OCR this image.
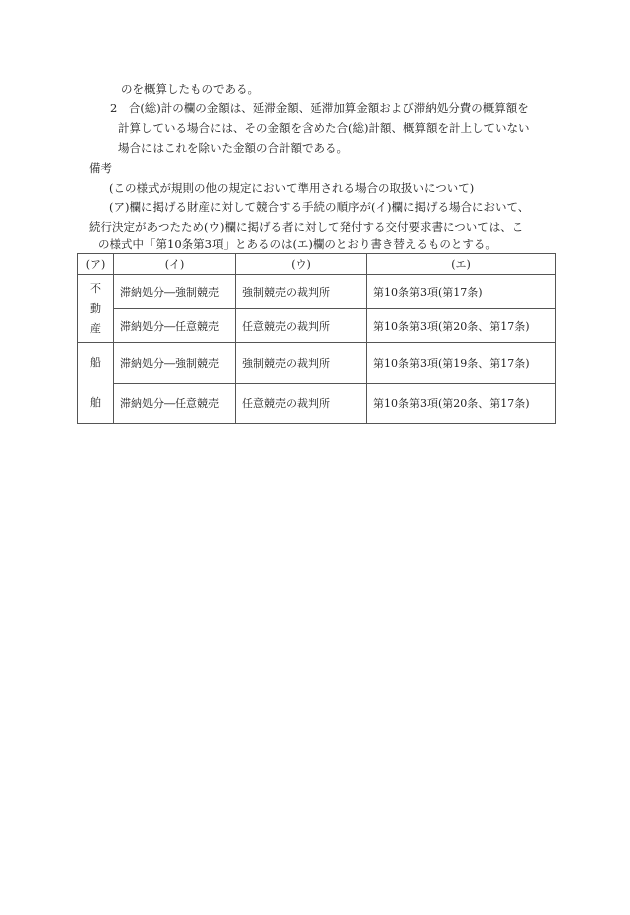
のを概算したものである。
2　合(総)計の欄の金額は、延滞金額、延滞加算金額および滞納処分費の概算額を
計算している場合には、その金額を含めた合(総)計額、概算額を計上していない
場合にはこれを除いた金額の合計額である。
備考
(この様式が規則の他の規定において準用される場合の取扱いについて)
(ア)欄に掲げる財産に対して競合する手続の順序が(イ)欄に掲げる場合において、
続行決定があつたため(ウ)欄に掲げる者に対して発付する交付要求書については、こ
の様式中「第10条第3項」とあるのは(エ)欄のとおり書き替えるものとする。
(ア)	(イ)	(ウ)	(エ)
不動産	滞納処分―強制競売	強制競売の裁判所	第10条第3項(第17条)
	滞納処分―任意競売	任意競売の裁判所	第10条第3項(第20条、第17条)
船舶	滞納処分―強制競売	強制競売の裁判所	第10条第3項(第19条、第17条)
	滞納処分―任意競売	任意競売の裁判所	第10条第3項(第20条、第17条)
